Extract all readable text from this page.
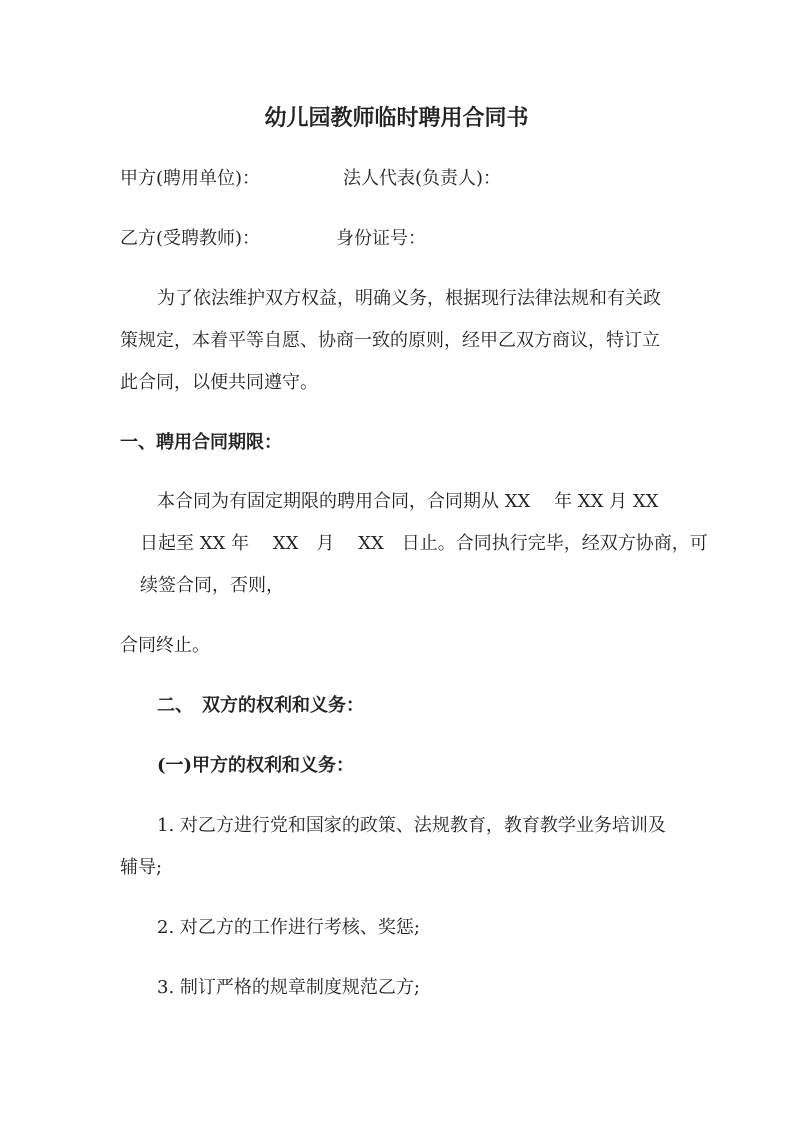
幼儿园教师临时聘用合同书
甲方(聘用单位)：	法人代表(负责人)：
乙方(受聘教师)：	身份证号：
为了依法维护双方权益，明确义务，根据现行法律法规和有关政
策规定，本着平等自愿、协商一致的原则，经甲乙双方商议，特订立
此合同，以便共同遵守。
一、聘用合同期限：
本合同为有固定期限的聘用合同，合同期从 XX　 年 XX 月 XX
日起至 XX 年　 XX　月　 XX　日止。合同执行完毕，经双方协商，可
续签合同，否则，
合同终止。
二、　双方的权利和义务：
(一)甲方的权利和义务：
1. 对乙方进行党和国家的政策、法规教育，教育教学业务培训及
辅导;
2. 对乙方的工作进行考核、奖惩;
3. 制订严格的规章制度规范乙方;
